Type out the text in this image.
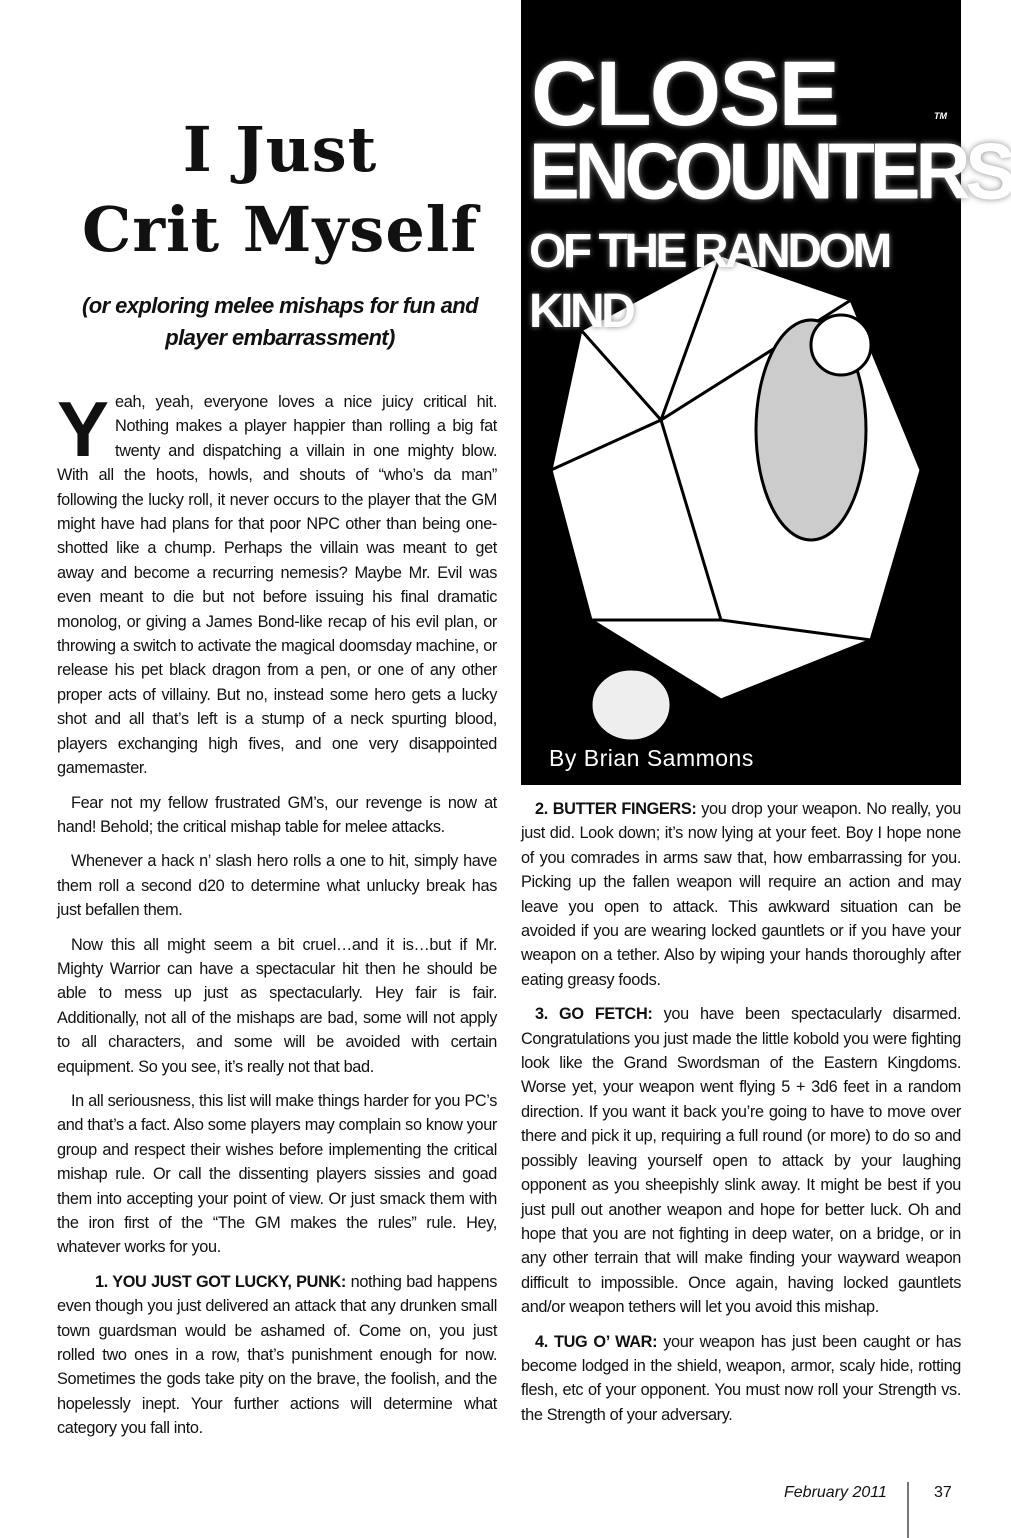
I Just
Crit Myself
(or exploring melee mishaps for fun and player embarrassment)

Yeah, yeah, everyone loves a nice juicy critical hit. Nothing makes a player happier than rolling a big fat twenty and dispatching a villain in one mighty blow. With all the hoots, howls, and shouts of “who’s da man” following the lucky roll, it never occurs to the player that the GM might have had plans for that poor NPC other than being one-shotted like a chump. Perhaps the villain was meant to get away and become a recurring nemesis? Maybe Mr. Evil was even meant to die but not before issuing his final dramatic monolog, or giving a James Bond-like recap of his evil plan, or throwing a switch to activate the magical doomsday machine, or release his pet black dragon from a pen, or one of any other proper acts of villainy. But no, instead some hero gets a lucky shot and all that’s left is a stump of a neck spurting blood, players exchanging high fives, and one very disappointed gamemaster.

Fear not my fellow frustrated GM’s, our revenge is now at hand! Behold; the critical mishap table for melee attacks.

Whenever a hack n’ slash hero rolls a one to hit, simply have them roll a second d20 to determine what unlucky break has just befallen them.

Now this all might seem a bit cruel…and it is…but if Mr. Mighty Warrior can have a spectacular hit then he should be able to mess up just as spectacularly. Hey fair is fair. Additionally, not all of the mishaps are bad, some will not apply to all characters, and some will be avoided with certain equipment. So you see, it’s really not that bad.

In all seriousness, this list will make things harder for you PC’s and that’s a fact. Also some players may complain so know your group and respect their wishes before implementing the critical mishap rule. Or call the dissenting players sissies and goad them into accepting your point of view. Or just smack them with the iron first of the “The GM makes the rules” rule. Hey, whatever works for you.

1. YOU JUST GOT LUCKY, PUNK: nothing bad happens even though you just delivered an attack that any drunken small town guardsman would be ashamed of. Come on, you just rolled two ones in a row, that’s punishment enough for now. Sometimes the gods take pity on the brave, the foolish, and the hopelessly inept. Your further actions will determine what category you fall into.

CLOSE	TM
ENCOUNTERS
OF THE RANDOM KIND
By Brian Sammons

2. BUTTER FINGERS: you drop your weapon. No really, you just did. Look down; it’s now lying at your feet. Boy I hope none of you comrades in arms saw that, how embarrassing for you. Picking up the fallen weapon will require an action and may leave you open to attack. This awkward situation can be avoided if you are wearing locked gauntlets or if you have your weapon on a tether. Also by wiping your hands thoroughly after eating greasy foods.

3. GO FETCH: you have been spectacularly disarmed. Congratulations you just made the little kobold you were fighting look like the Grand Swordsman of the Eastern Kingdoms. Worse yet, your weapon went flying 5 + 3d6 feet in a random direction. If you want it back you’re going to have to move over there and pick it up, requiring a full round (or more) to do so and possibly leaving yourself open to attack by your laughing opponent as you sheepishly slink away. It might be best if you just pull out another weapon and hope for better luck. Oh and hope that you are not fighting in deep water, on a bridge, or in any other terrain that will make finding your wayward weapon difficult to impossible. Once again, having locked gauntlets and/or weapon tethers will let you avoid this mishap.

4. TUG O’ WAR: your weapon has just been caught or has become lodged in the shield, weapon, armor, scaly hide, rotting flesh, etc of your opponent. You must now roll your Strength vs. the Strength of your adversary.

February 2011	37
